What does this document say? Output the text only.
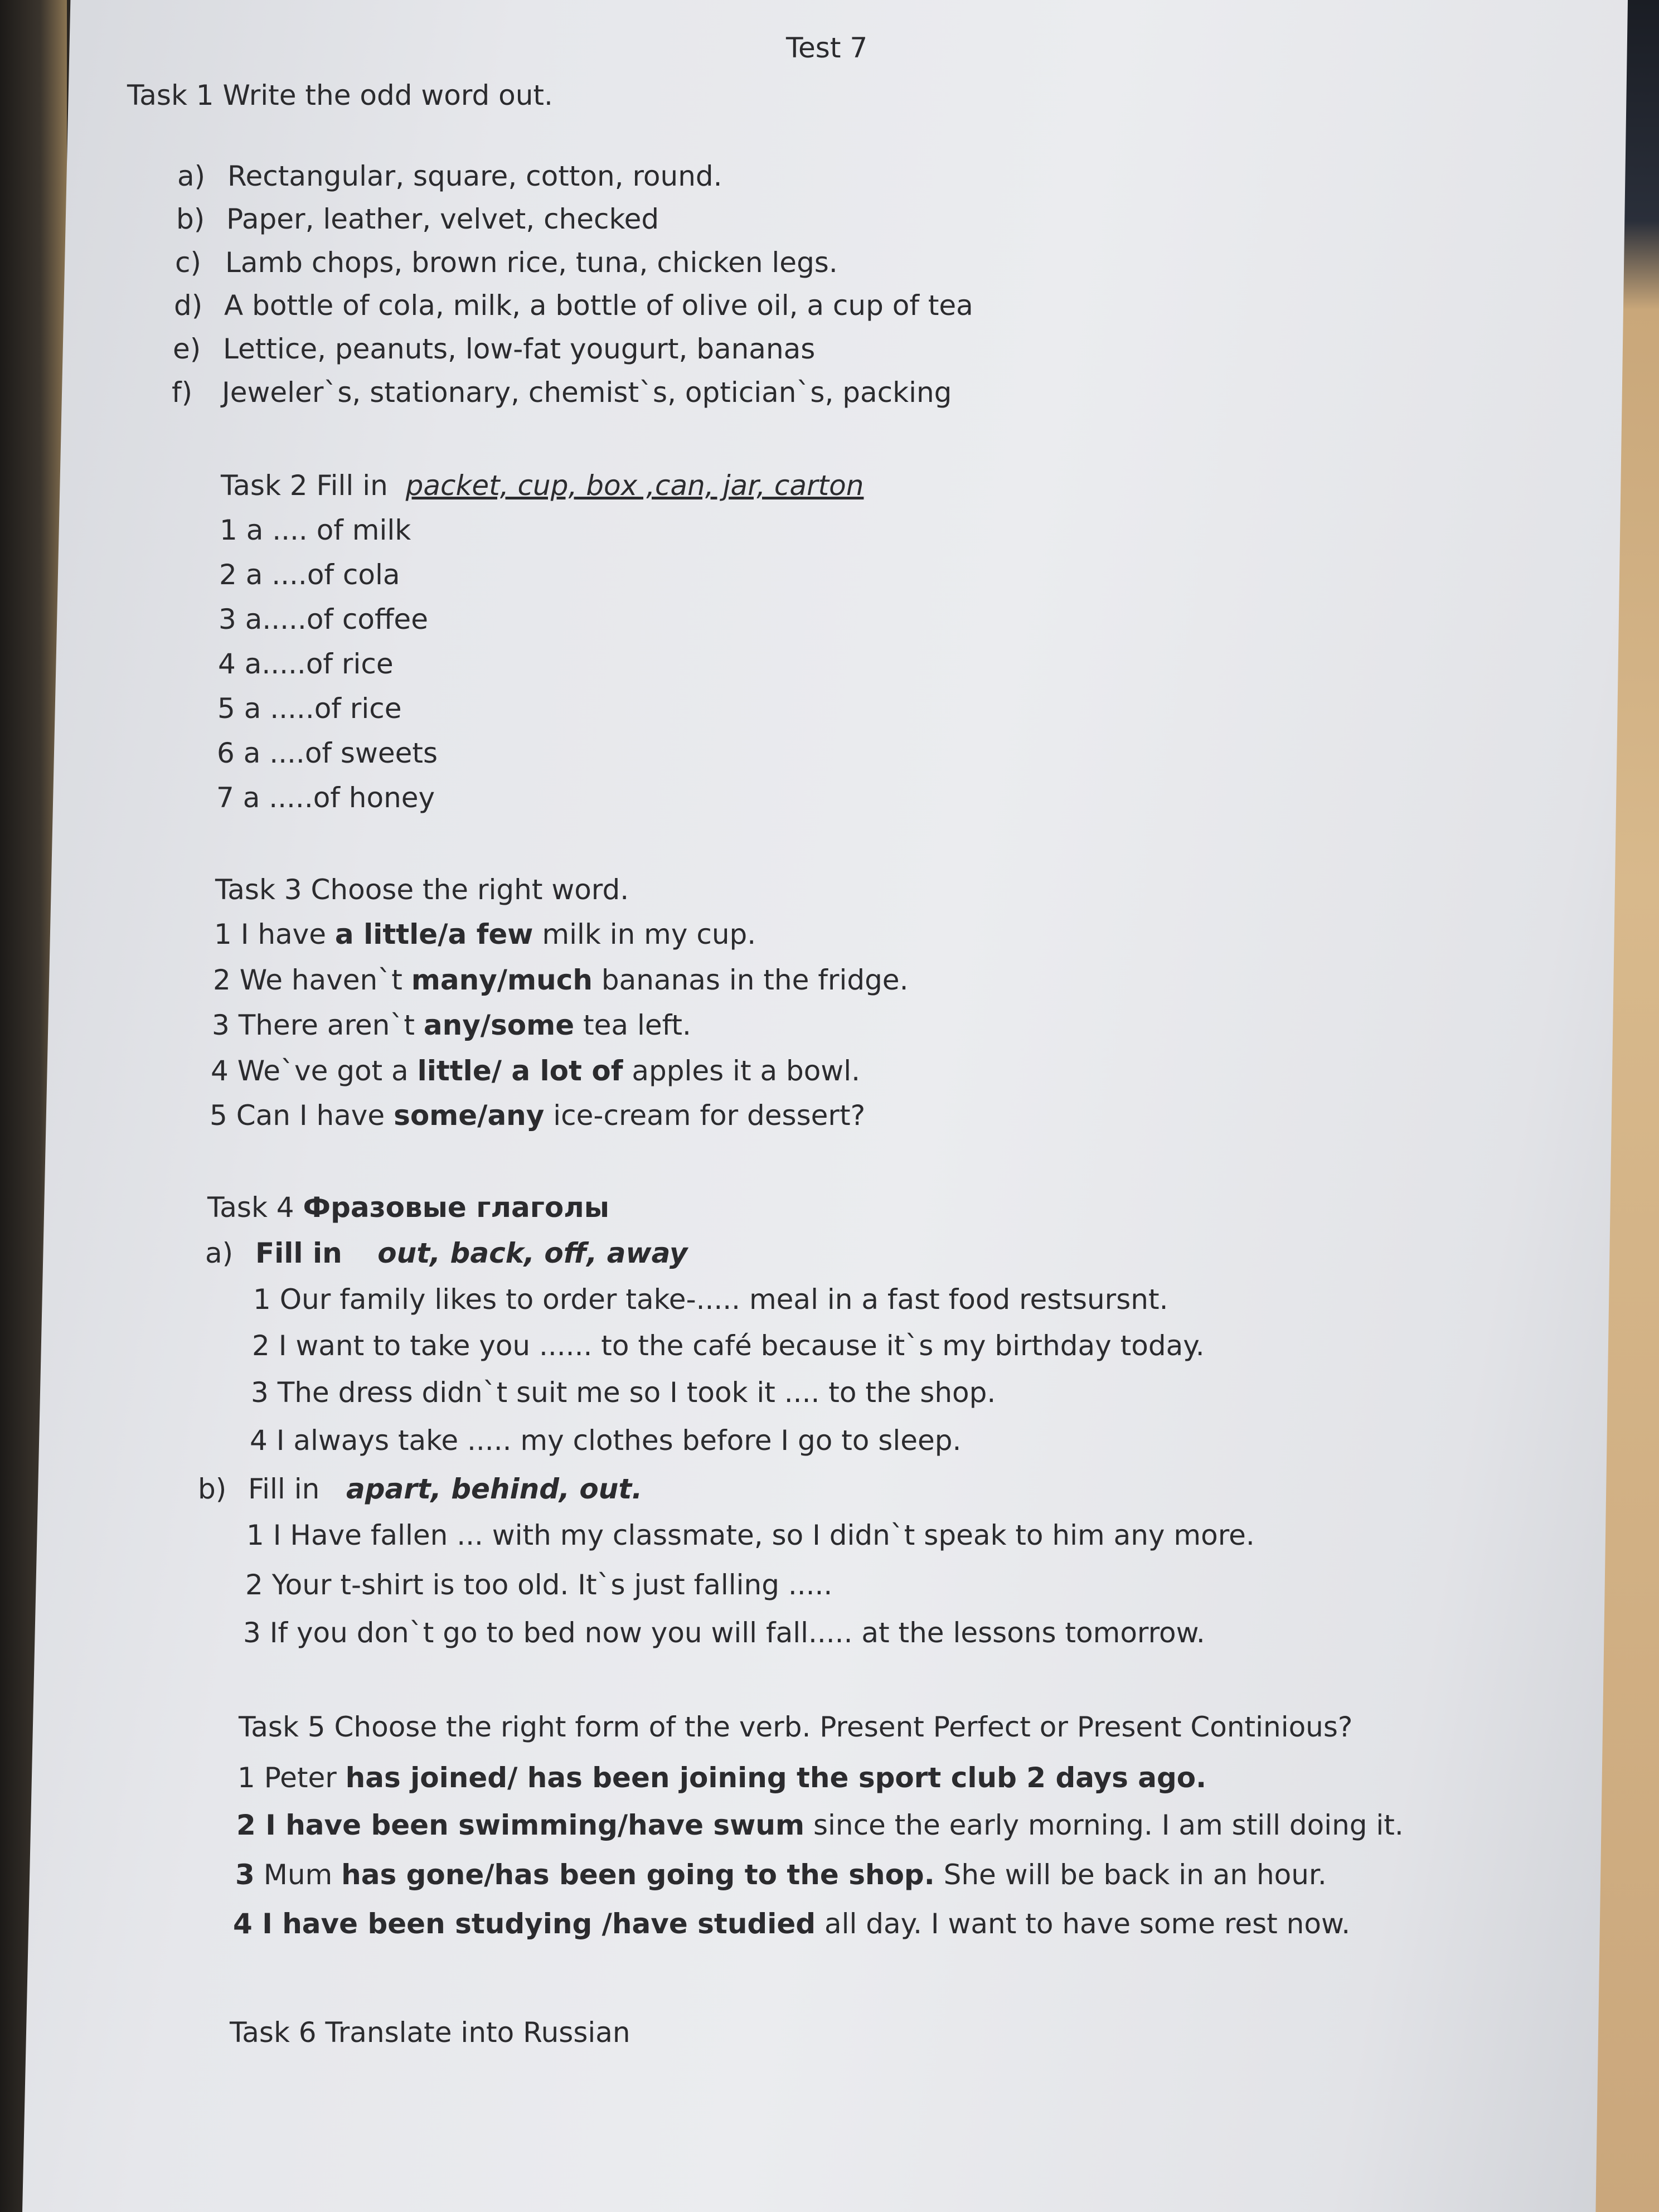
Test 7
Task 1 Write the odd word out.
a) Rectangular, square, cotton, round.
b) Paper, leather, velvet, checked
c) Lamb chops, brown rice, tuna, chicken legs.
d) A bottle of cola, milk, a bottle of olive oil, a cup of tea
e) Lettice, peanuts, low-fat yougurt, bananas
f) Jeweler`s, stationary, chemist`s, optician`s, packing
Task 2 Fill in packet, cup, box ,can, jar, carton
1 a .... of milk
2 a ....of cola
3 a.....of coffee
4 a.....of rice
5 a .....of rice
6 a ....of sweets
7 a .....of honey
Task 3 Choose the right word.
1 I have a little/a few milk in my cup.
2 We haven`t many/much bananas in the fridge.
3 There aren`t any/some tea left.
4 We`ve got a little/ a lot of apples it a bowl.
5 Can I have some/any ice-cream for dessert?
Task 4 Фразовые глаголы
a) Fill in out, back, off, away
1 Our family likes to order take-..... meal in a fast food restsursnt.
2 I want to take you ...... to the café because it`s my birthday today.
3 The dress didn`t suit me so I took it .... to the shop.
4 I always take ..... my clothes before I go to sleep.
b) Fill in apart, behind, out.
1 I Have fallen ... with my classmate, so I didn`t speak to him any more.
2 Your t-shirt is too old. It`s just falling .....
3 If you don`t go to bed now you will fall..... at the lessons tomorrow.
Task 5 Choose the right form of the verb. Present Perfect or Present Continious?
1 Peter has joined/ has been joining the sport club 2 days ago.
2 I have been swimming/have swum since the early morning. I am still doing it.
3 Mum has gone/has been going to the shop. She will be back in an hour.
4 I have been studying /have studied all day. I want to have some rest now.
Task 6 Translate into Russian
